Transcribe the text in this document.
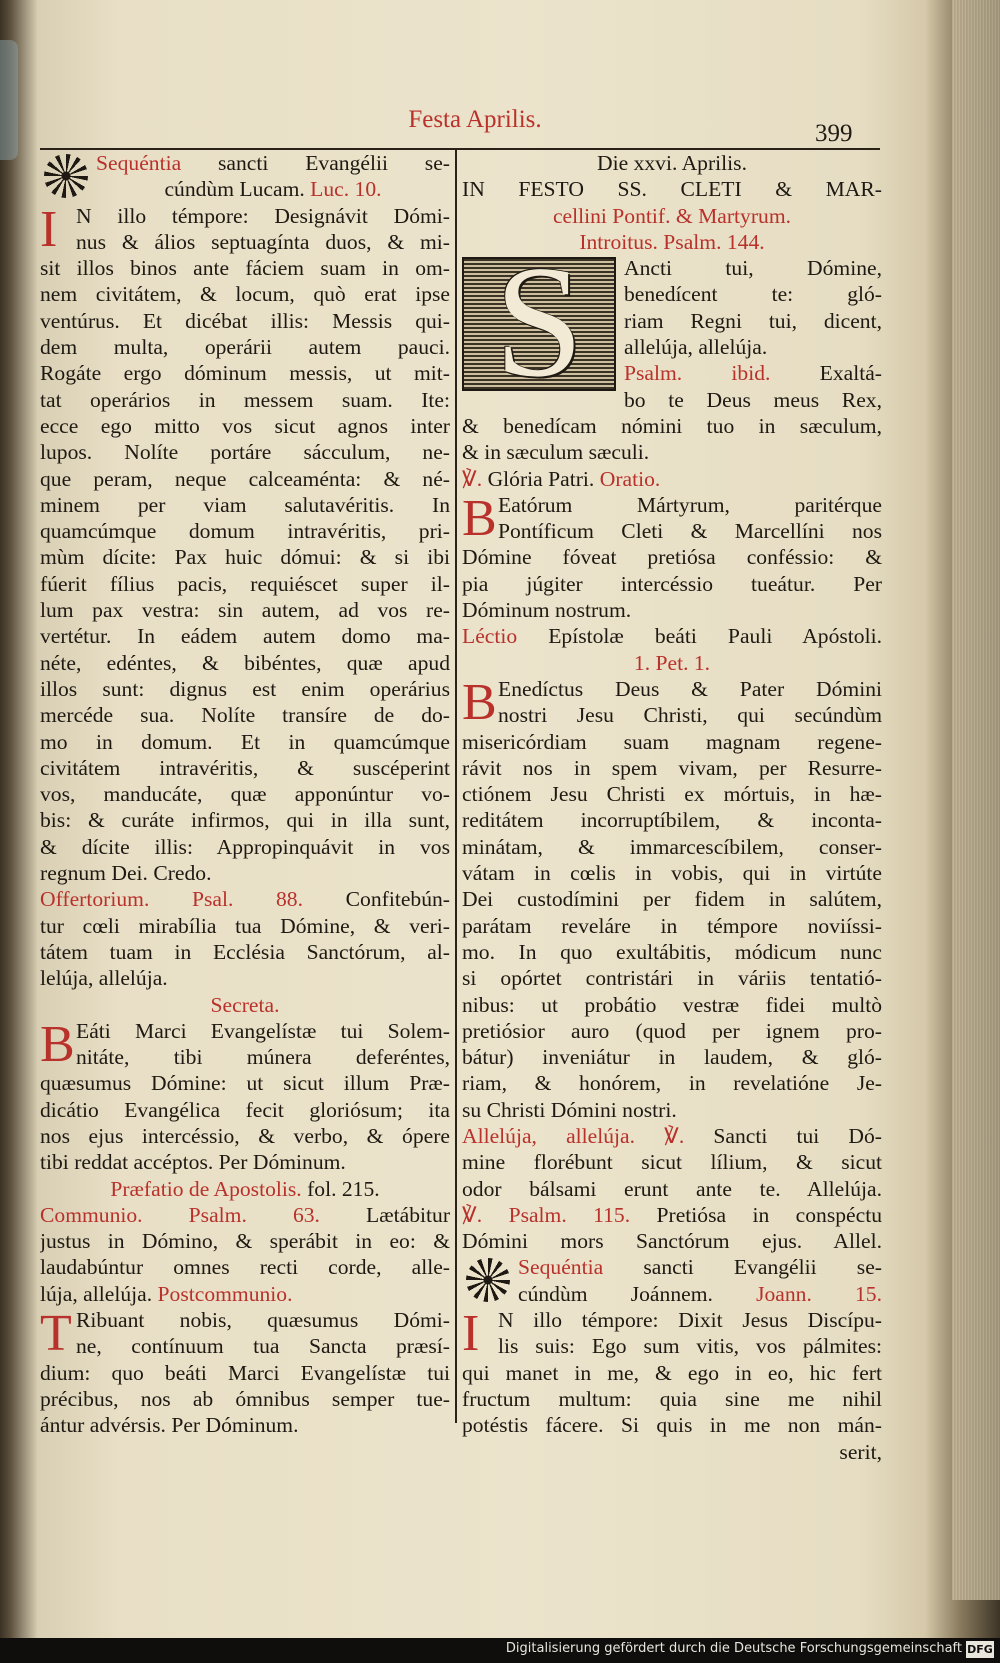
Festa Aprilis.
399
Sequéntia sancti Evangélii se-
cúndùm Lucam. Luc. 10.
I N illo témpore: Designávit Dómi-
nus & álios septuagínta duos, & mi-
sit illos binos ante fáciem suam in om-
nem civitátem, & locum, quò erat ipse
ventúrus. Et dicébat illis: Messis qui-
dem multa, operárii autem pauci.
Rogáte ergo dóminum messis, ut mit-
tat operários in messem suam. Ite:
ecce ego mitto vos sicut agnos inter
lupos. Nolíte portáre sácculum, ne-
que peram, neque calceaménta: & né-
minem per viam salutavéritis. In
quamcúmque domum intravéritis, pri-
mùm dícite: Pax huic dómui: & si ibi
fúerit fílius pacis, requiéscet super il-
lum pax vestra: sin autem, ad vos re-
vertétur. In eádem autem domo ma-
néte, edéntes, & bibéntes, quæ apud
illos sunt: dignus est enim operárius
mercéde sua. Nolíte transíre de do-
mo in domum. Et in quamcúmque
civitátem intravéritis, & suscéperint
vos, manducáte, quæ apponúntur vo-
bis: & curáte infirmos, qui in illa sunt,
& dícite illis: Appropinquávit in vos
regnum Dei. Credo.
Offertorium. Psal. 88. Confitebún-
tur cœli mirabília tua Dómine, & veri-
tátem tuam in Ecclésia Sanctórum, al-
lelúja, allelúja.
Secreta.
B Eáti Marci Evangelístæ tui Solem-
nitáte, tibi múnera deferéntes,
quæsumus Dómine: ut sicut illum Præ-
dicátio Evangélica fecit gloriósum; ita
nos ejus intercéssio, & verbo, & ópere
tibi reddat accéptos. Per Dóminum.
Præfatio de Apostolis. fol. 215.
Communio. Psalm. 63. Lætábitur
justus in Dómino, & sperábit in eo: &
laudabúntur omnes recti corde, alle-
lúja, allelúja. Postcommunio.
T Ribuant nobis, quæsumus Dómi-
ne, contínuum tua Sancta præsí-
dium: quo beáti Marci Evangelístæ tui
précibus, nos ab ómnibus semper tue-
ántur advérsis. Per Dóminum.
Die xxvi. Aprilis.
IN FESTO SS. CLETI & MAR-
cellini Pontif. & Martyrum.
Introitus. Psalm. 144.
S	Ancti tui, Dómine,
benedícent te: gló-
riam Regni tui, dicent,
allelúja, allelúja.
Psalm. ibid. Exaltá-
bo te Deus meus Rex,
& benedícam nómini tuo in sæculum,
& in sæculum sæculi.
℣. Glória Patri. Oratio.
B Eatórum Mártyrum, paritérque
Pontíficum Cleti & Marcellíni nos
Dómine fóveat pretiósa conféssio: &
pia júgiter intercéssio tueátur. Per
Dóminum nostrum.
Léctio Epístolæ beáti Pauli Apóstoli.
1. Pet. 1.
B Enedíctus Deus & Pater Dómini
nostri Jesu Christi, qui secúndùm
misericórdiam suam magnam regene-
rávit nos in spem vivam, per Resurre-
ctiónem Jesu Christi ex mórtuis, in hæ-
reditátem incorruptíbilem, & inconta-
minátam, & immarcescíbilem, conser-
vátam in cœlis in vobis, qui in virtúte
Dei custodímini per fidem in salútem,
parátam reveláre in témpore noviíssi-
mo. In quo exultábitis, módicum nunc
si opórtet contristári in váriis tentatió-
nibus: ut probátio vestræ fidei multò
pretiósior auro (quod per ignem pro-
bátur) inveniátur in laudem, & gló-
riam, & honórem, in revelatióne Je-
su Christi Dómini nostri.
Allelúja, allelúja. ℣. Sancti tui Dó-
mine florébunt sicut lílium, & sicut
odor bálsami erunt ante te. Allelúja.
℣. Psalm. 115. Pretiósa in conspéctu
Dómini mors Sanctórum ejus. Allel.
Sequéntia sancti Evangélii se-
cúndùm Joánnem. Joann. 15.
I N illo témpore: Dixit Jesus Discípu-
lis suis: Ego sum vitis, vos pálmites:
qui manet in me, & ego in eo, hic fert
fructum multum: quia sine me nihil
potéstis fácere. Si quis in me non mán-
serit,
Digitalisierung gefördert durch die Deutsche Forschungsgemeinschaft DFG
